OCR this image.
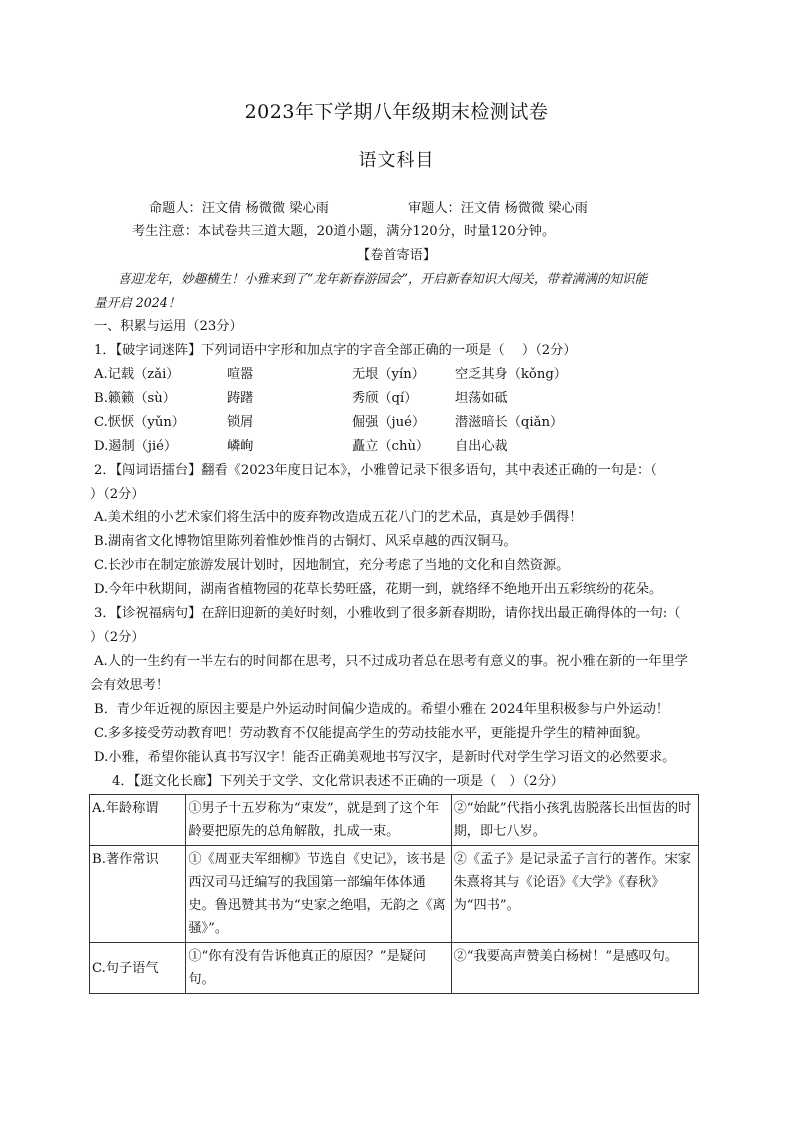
2023年下学期八年级期末检测试卷
语文科目
命题人：汪文倩 杨微微 梁心雨	审题人：汪文倩 杨微微 梁心雨
考生注意：本试卷共三道大题，20道小题，满分120分，时量120分钟。
【卷首寄语】
喜迎龙年，妙趣横生！小雅来到了“龙年新春游园会”，开启新春知识大闯关，带着满满的知识能
量开启 2024！
一、积累与运用（23分）
1．【破字词迷阵】下列词语中字形和加点字的字音全部正确的一项是（　 ）（2分）
A.记载（zǎi）	喧嚣	无垠（yín） 空乏其身（kǒng）
B.籁籁（sù）	踌躇	秀颀（qí）	坦荡如砥
C.恹恹（yǔn）	锁屑	倔强（jué） 潜滋暗长（qiǎn）
D.遏制（jié）	嶙峋	矗立（chù） 自出心裁
2．【闯词语擂台】翻看《2023年度日记本》，小雅曾记录下很多语句，其中表述正确的一句是：（
）（2分）
A.美术组的小艺术家们将生活中的废弃物改造成五花八门的艺术品，真是妙手偶得！
B.湖南省文化博物馆里陈列着惟妙惟肖的古铜灯、风采卓越的西汉铜马。
C.长沙市在制定旅游发展计划时，因地制宜，充分考虑了当地的文化和自然资源。
D.今年中秋期间，湖南省植物园的花草长势旺盛，花期一到，就络绎不绝地开出五彩缤纷的花朵。
3．【诊祝福病句】在辞旧迎新的美好时刻，小雅收到了很多新春期盼，请你找出最正确得体的一句:（
）（2分）
A.人的一生约有一半左右的时间都在思考，只不过成功者总在思考有意义的事。祝小雅在新的一年里学
会有效思考！
B．青少年近视的原因主要是户外运动时间偏少造成的。希望小雅在 2024年里积极参与户外运动！
C.多多接受劳动教育吧！劳动教育不仅能提高学生的劳动技能水平，更能提升学生的精神面貌。
D.小雅，希望你能认真书写汉字！能否正确美观地书写汉字，是新时代对学生学习语文的必然要求。
4．【逛文化长廊】下列关于文学、文化常识表述不正确的一项是（　）（2分）
A.年龄称谓	①男子十五岁称为“束发”，就是到了这个年龄要把原先的总角解散，扎成一束。	②“始龀”代指小孩乳齿脱落长出恒齿的时期，即七八岁。
B.著作常识	①《周亚夫军细柳》节选自《史记》，该书是西汉司马迁编写的我国第一部编年体体通史。鲁迅赞其书为“史家之绝唱，无韵之《离骚》”。	②《孟子》是记录孟子言行的著作。宋家朱熹将其与《论语》《大学》《春秋》为“四书”。
C.句子语气	①“你有没有告诉他真正的原因？”是疑问句。	②“我要高声赞美白杨树！”是感叹句。
